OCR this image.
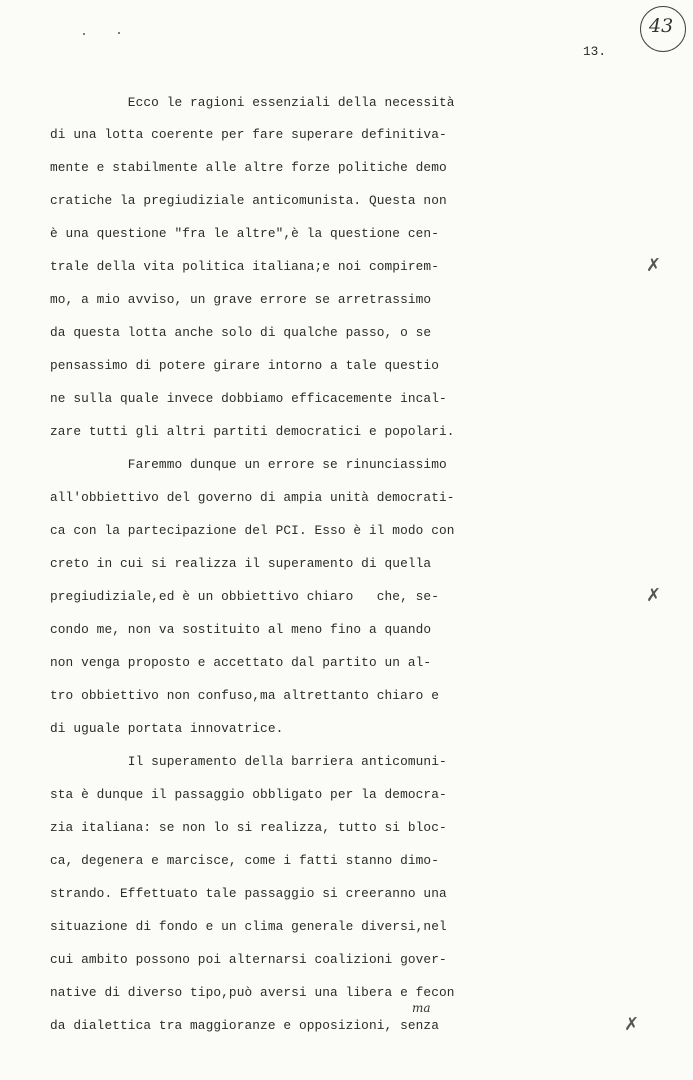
13.
43

Ecco le ragioni essenziali della necessità

di una lotta coerente per fare superare definitiva-

mente e stabilmente alle altre forze politiche demo

cratiche la pregiudiziale anticomunista. Questa non

è una questione "fra le altre",è la questione cen-

trale della vita politica italiana;e noi compirem-

mo, a mio avviso, un grave errore se arretrassimo

da questa lotta anche solo di qualche passo, o se

pensassimo di potere girare intorno a tale questio

ne sulla quale invece dobbiamo efficacemente incal-

zare tutti gli altri partiti democratici e popolari.

Faremmo dunque un errore se rinunciassimo

all'obbiettivo del governo di ampia unità democrati-

ca con la partecipazione del PCI. Esso è il modo con

creto in cui si realizza il superamento di quella

pregiudiziale,ed è un obbiettivo chiaro   che, se-

condo me, non va sostituito al meno fino a quando

non venga proposto e accettato dal partito un al-

tro obbiettivo non confuso,ma altrettanto chiaro e

di uguale portata innovatrice.

Il superamento della barriera anticomuni-

sta è dunque il passaggio obbligato per la democra-

zia italiana: se non lo si realizza, tutto si bloc-

ca, degenera e marcisce, come i fatti stanno dimo-

strando. Effettuato tale passaggio si creeranno una

situazione di fondo e un clima generale diversi,nel

cui ambito possono poi alternarsi coalizioni gover-

native di diverso tipo,può aversi una libera e fecon

da dialettica tra maggioranze e opposizioni, senza

✗
✗
✗
ma
